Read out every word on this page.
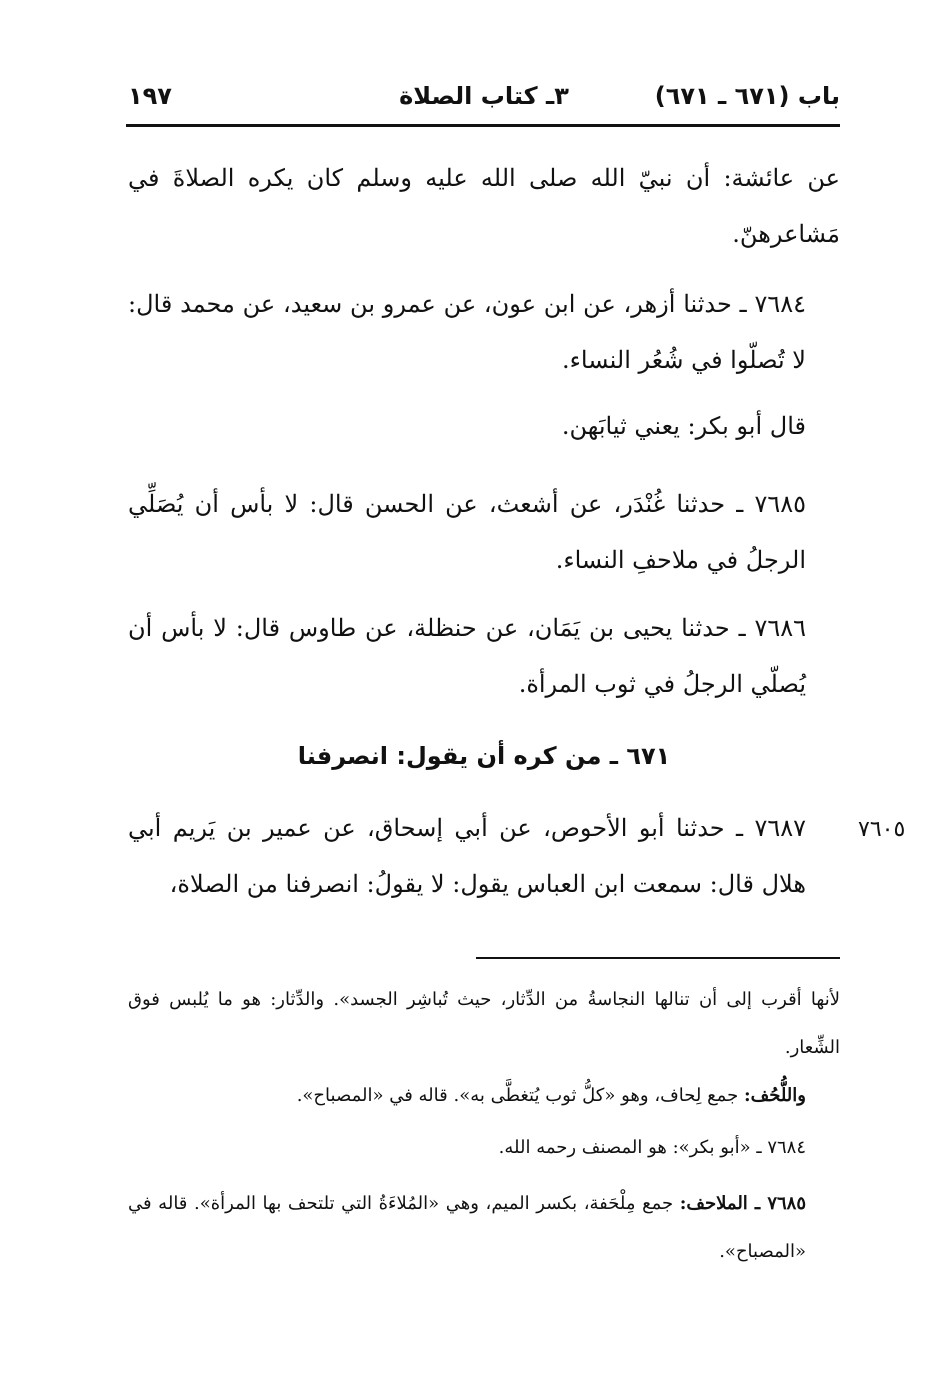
باب (٦٧١ ـ ٦٧١)
٣ـ كتاب الصلاة
١٩٧
عن عائشة: أن نبيّ الله صلى الله عليه وسلم كان يكره الصلاةَ في مَشاعرهنّ.
٧٦٨٤ ـ حدثنا أزهر، عن ابن عون، عن عمرو بن سعيد، عن محمد قال: لا تُصلّوا في شُعُر النساء.
قال أبو بكر: يعني ثيابَهن.
٧٦٨٥ ـ حدثنا غُنْدَر، عن أشعث، عن الحسن قال: لا بأس أن يُصَلِّي الرجلُ في ملاحفِ النساء.
٧٦٨٦ ـ حدثنا يحيى بن يَمَان، عن حنظلة، عن طاوس قال: لا بأس أن يُصلّي الرجلُ في ثوب المرأة.
٦٧١ ـ من كره أن يقول: انصرفنا
٧٦٨٧ ـ حدثنا أبو الأحوص، عن أبي إسحاق، عن عمير بن يَريم أبي هلال قال: سمعت ابن العباس يقول: لا يقولُ: انصرفنا من الصلاة،
٧٦٠٥
لأنها أقرب إلى أن تنالها النجاسةُ من الدِّثار، حيث تُباشِر الجسد». والدِّثار: هو ما يُلبس فوق الشِّعار.
واللُّحُف: جمع لِحاف، وهو «كلُّ ثوب يُتغطَّى به». قاله في «المصباح».
٧٦٨٤ ـ «أبو بكر»: هو المصنف رحمه الله.
٧٦٨٥ ـ الملاحف: جمع مِلْحَفة، بكسر الميم، وهي «المُلاءَةُ التي تلتحف بها المرأة». قاله في «المصباح».
